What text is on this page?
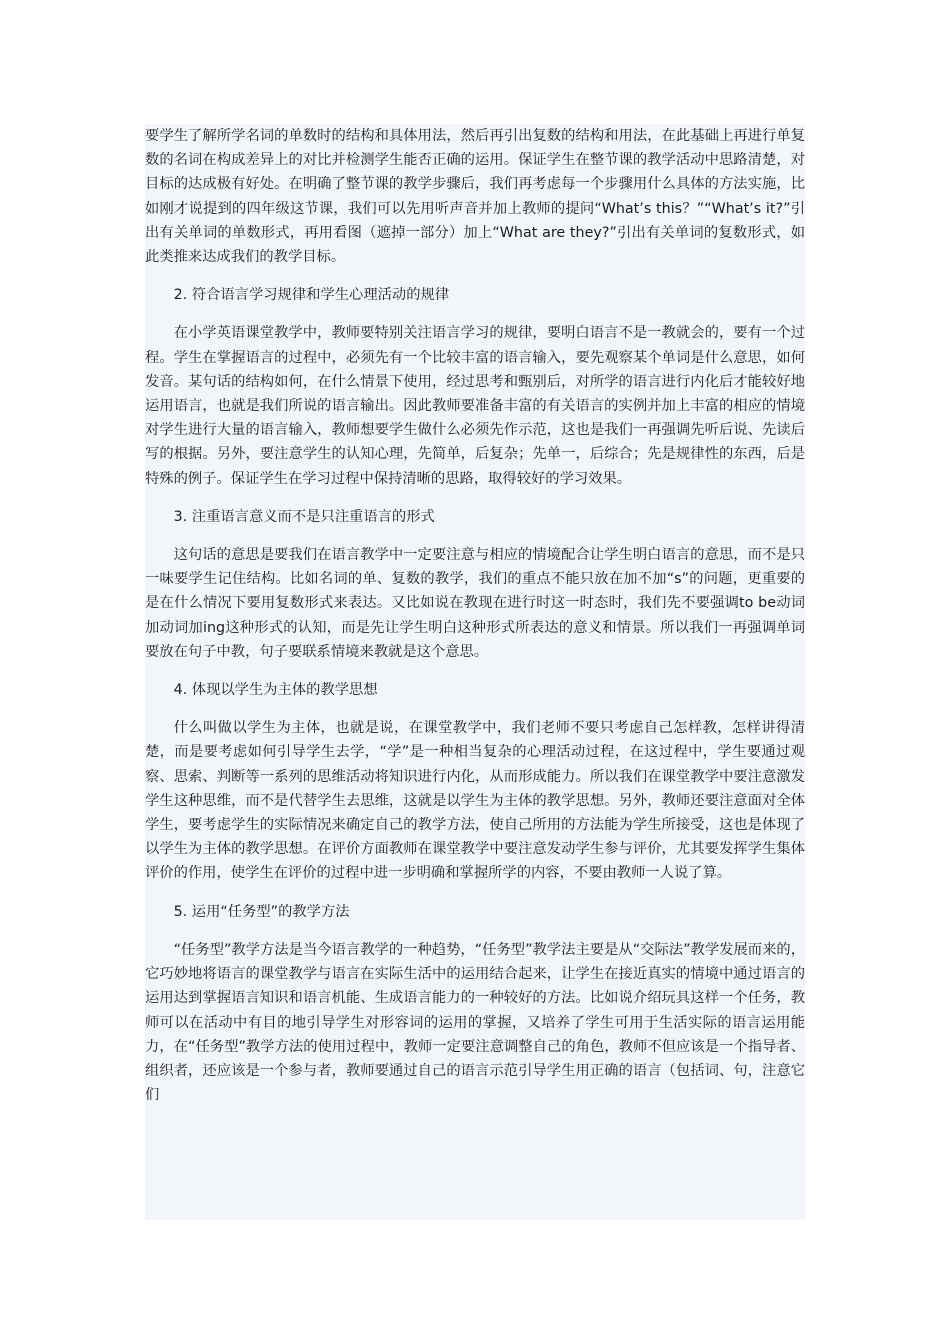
要学生了解所学名词的单数时的结构和具体用法，然后再引出复数的结构和用法，在此基础上再进行单复数的名词在构成差异上的对比并检测学生能否正确的运用。保证学生在整节课的教学活动中思路清楚，对目标的达成极有好处。在明确了整节课的教学步骤后，我们再考虑每一个步骤用什么具体的方法实施，比如刚才说提到的四年级这节课，我们可以先用听声音并加上教师的提问“What’s this？”“What’s it?”引出有关单词的单数形式，再用看图（遮掉一部分）加上“What are they?”引出有关单词的复数形式，如此类推来达成我们的教学目标。

2. 符合语言学习规律和学生心理活动的规律

在小学英语课堂教学中，教师要特别关注语言学习的规律，要明白语言不是一教就会的，要有一个过程。学生在掌握语言的过程中，必须先有一个比较丰富的语言输入，要先观察某个单词是什么意思，如何发音。某句话的结构如何，在什么情景下使用，经过思考和甄别后，对所学的语言进行内化后才能较好地运用语言，也就是我们所说的语言输出。因此教师要准备丰富的有关语言的实例并加上丰富的相应的情境对学生进行大量的语言输入，教师想要学生做什么必须先作示范，这也是我们一再强调先听后说、先读后写的根据。另外，要注意学生的认知心理，先简单，后复杂；先单一，后综合；先是规律性的东西，后是特殊的例子。保证学生在学习过程中保持清晰的思路，取得较好的学习效果。

3. 注重语言意义而不是只注重语言的形式

这句话的意思是要我们在语言教学中一定要注意与相应的情境配合让学生明白语言的意思，而不是只一味要学生记住结构。比如名词的单、复数的教学，我们的重点不能只放在加不加“s”的问题，更重要的是在什么情况下要用复数形式来表达。又比如说在教现在进行时这一时态时，我们先不要强调to be动词加动词加ing这种形式的认知，而是先让学生明白这种形式所表达的意义和情景。所以我们一再强调单词要放在句子中教，句子要联系情境来教就是这个意思。

4. 体现以学生为主体的教学思想

什么叫做以学生为主体，也就是说，在课堂教学中，我们老师不要只考虑自己怎样教，怎样讲得清楚，而是要考虑如何引导学生去学，“学”是一种相当复杂的心理活动过程，在这过程中，学生要通过观察、思索、判断等一系列的思维活动将知识进行内化，从而形成能力。所以我们在课堂教学中要注意激发学生这种思维，而不是代替学生去思维，这就是以学生为主体的教学思想。另外，教师还要注意面对全体学生，要考虑学生的实际情况来确定自己的教学方法，使自己所用的方法能为学生所接受，这也是体现了以学生为主体的教学思想。在评价方面教师在课堂教学中要注意发动学生参与评价，尤其要发挥学生集体评价的作用，使学生在评价的过程中进一步明确和掌握所学的内容，不要由教师一人说了算。

5. 运用“任务型”的教学方法

“任务型”教学方法是当今语言教学的一种趋势，“任务型”教学法主要是从“交际法”教学发展而来的，它巧妙地将语言的课堂教学与语言在实际生活中的运用结合起来，让学生在接近真实的情境中通过语言的运用达到掌握语言知识和语言机能、生成语言能力的一种较好的方法。比如说介绍玩具这样一个任务，教师可以在活动中有目的地引导学生对形容词的运用的掌握，又培养了学生可用于生活实际的语言运用能力，在“任务型”教学方法的使用过程中，教师一定要注意调整自己的角色，教师不但应该是一个指导者、组织者，还应该是一个参与者，教师要通过自己的语言示范引导学生用正确的语言（包括词、句，注意它们
